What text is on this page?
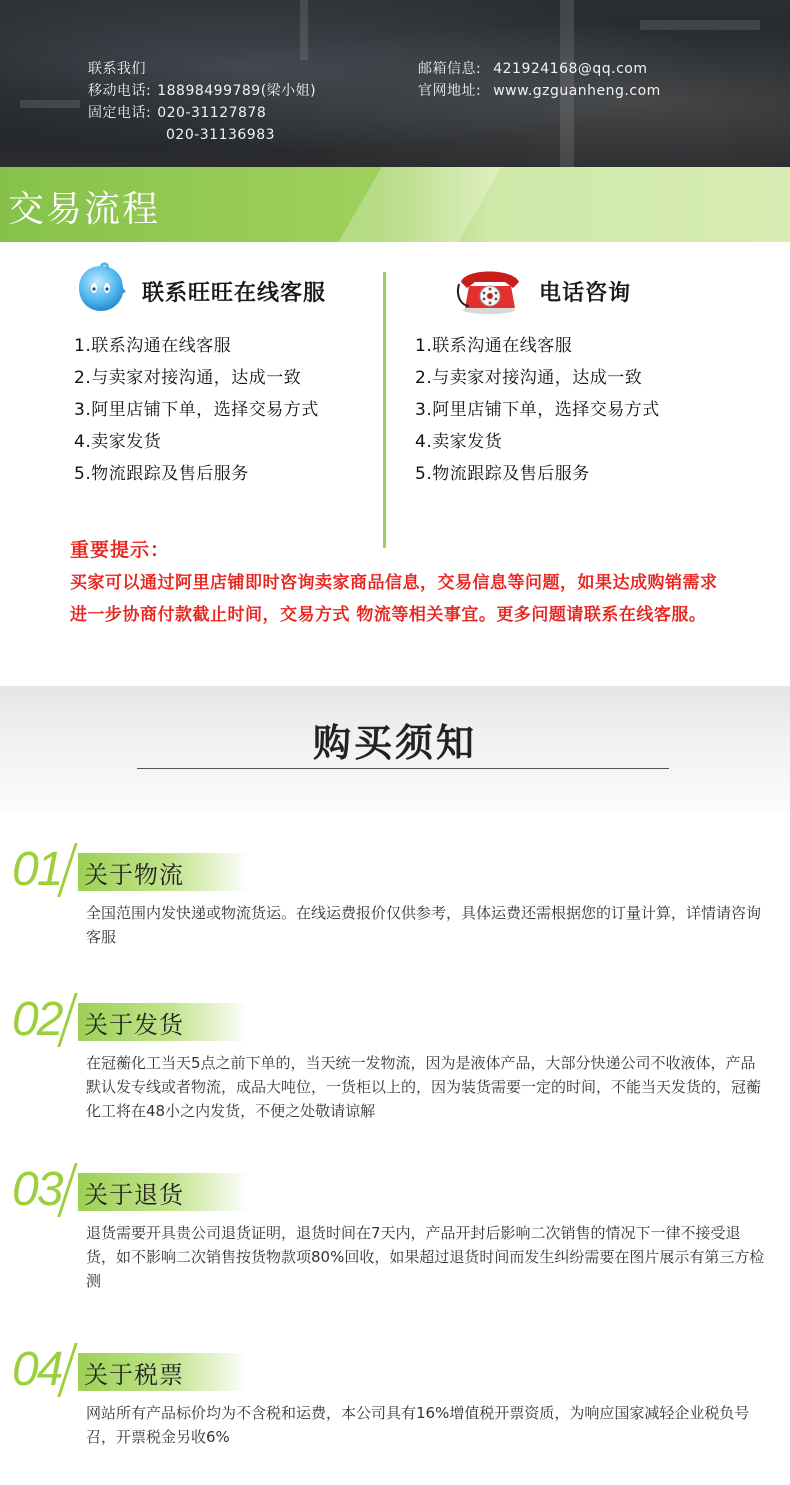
联系我们
移动电话: 18898499789(梁小姐)
固定电话: 020-31127878
020-31136983
邮箱信息: 421924168@qq.com
官网地址: www.gzguanheng.com
交易流程
联系旺旺在线客服
1.联系沟通在线客服
2.与卖家对接沟通，达成一致
3.阿里店铺下单，选择交易方式
4.卖家发货
5.物流跟踪及售后服务
电话咨询
1.联系沟通在线客服
2.与卖家对接沟通，达成一致
3.阿里店铺下单，选择交易方式
4.卖家发货
5.物流跟踪及售后服务
重要提示：
买家可以通过阿里店铺即时咨询卖家商品信息，交易信息等问题，如果达成购销需求进一步协商付款截止时间，交易方式 物流等相关事宜。更多问题请联系在线客服。
购买须知
01 关于物流
全国范围内发快递或物流货运。在线运费报价仅供参考，具体运费还需根据您的订量计算，详情请咨询客服
02 关于发货
在冠蘅化工当天5点之前下单的，当天统一发物流，因为是液体产品，大部分快递公司不收液体，产品默认发专线或者物流，成品大吨位，一货柜以上的，因为装货需要一定的时间，不能当天发货的，冠蘅化工将在48小之内发货，不便之处敬请谅解
03 关于退货
退货需要开具贵公司退货证明，退货时间在7天内，产品开封后影响二次销售的情况下一律不接受退货，如不影响二次销售按货物款项80%回收，如果超过退货时间而发生纠纷需要在图片展示有第三方检测
04 关于税票
网站所有产品标价均为不含税和运费，本公司具有16%增值税开票资质，为响应国家减轻企业税负号召，开票税金另收6%
